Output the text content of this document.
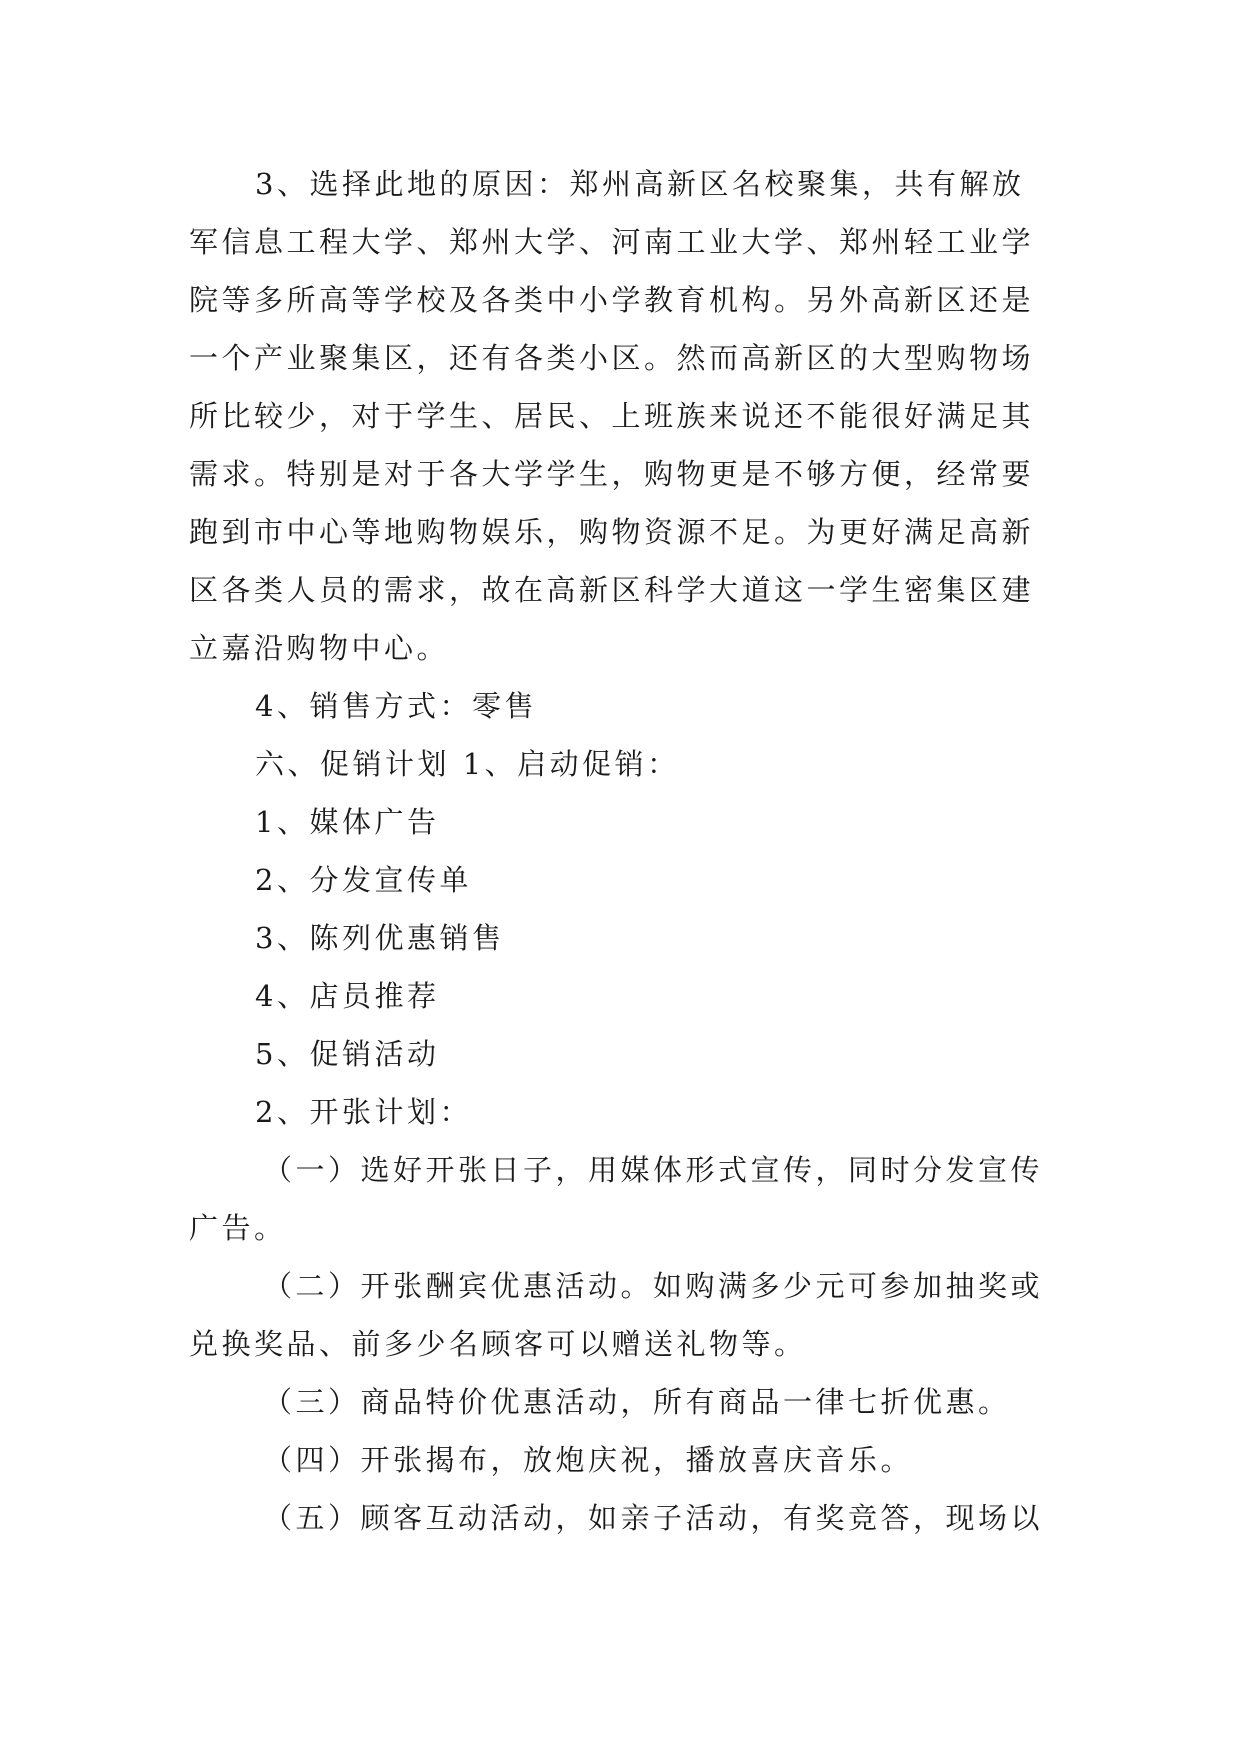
3、选择此地的原因：郑州高新区名校聚集，共有解放
军信息工程大学、郑州大学、河南工业大学、郑州轻工业学
院等多所高等学校及各类中小学教育机构。另外高新区还是
一个产业聚集区，还有各类小区。然而高新区的大型购物场
所比较少，对于学生、居民、上班族来说还不能很好满足其
需求。特别是对于各大学学生，购物更是不够方便，经常要
跑到市中心等地购物娱乐，购物资源不足。为更好满足高新
区各类人员的需求，故在高新区科学大道这一学生密集区建
立嘉沿购物中心。
4、销售方式：零售
六、促销计划 1、启动促销：
1、媒体广告
2、分发宣传单
3、陈列优惠销售
4、店员推荐
5、促销活动
2、开张计划：
（一）选好开张日子，用媒体形式宣传，同时分发宣传
广告。
（二）开张酬宾优惠活动。如购满多少元可参加抽奖或
兑换奖品、前多少名顾客可以赠送礼物等。
（三）商品特价优惠活动，所有商品一律七折优惠。
（四）开张揭布，放炮庆祝，播放喜庆音乐。
（五）顾客互动活动，如亲子活动，有奖竞答，现场以
